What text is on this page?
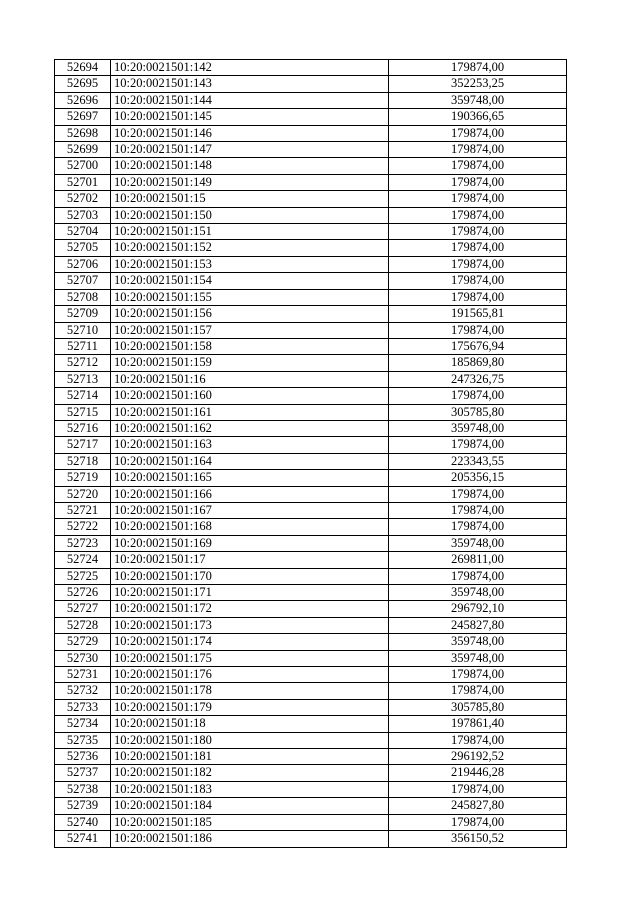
52694	10:20:0021501:142	179874,00
52695	10:20:0021501:143	352253,25
52696	10:20:0021501:144	359748,00
52697	10:20:0021501:145	190366,65
52698	10:20:0021501:146	179874,00
52699	10:20:0021501:147	179874,00
52700	10:20:0021501:148	179874,00
52701	10:20:0021501:149	179874,00
52702	10:20:0021501:15	179874,00
52703	10:20:0021501:150	179874,00
52704	10:20:0021501:151	179874,00
52705	10:20:0021501:152	179874,00
52706	10:20:0021501:153	179874,00
52707	10:20:0021501:154	179874,00
52708	10:20:0021501:155	179874,00
52709	10:20:0021501:156	191565,81
52710	10:20:0021501:157	179874,00
52711	10:20:0021501:158	175676,94
52712	10:20:0021501:159	185869,80
52713	10:20:0021501:16	247326,75
52714	10:20:0021501:160	179874,00
52715	10:20:0021501:161	305785,80
52716	10:20:0021501:162	359748,00
52717	10:20:0021501:163	179874,00
52718	10:20:0021501:164	223343,55
52719	10:20:0021501:165	205356,15
52720	10:20:0021501:166	179874,00
52721	10:20:0021501:167	179874,00
52722	10:20:0021501:168	179874,00
52723	10:20:0021501:169	359748,00
52724	10:20:0021501:17	269811,00
52725	10:20:0021501:170	179874,00
52726	10:20:0021501:171	359748,00
52727	10:20:0021501:172	296792,10
52728	10:20:0021501:173	245827,80
52729	10:20:0021501:174	359748,00
52730	10:20:0021501:175	359748,00
52731	10:20:0021501:176	179874,00
52732	10:20:0021501:178	179874,00
52733	10:20:0021501:179	305785,80
52734	10:20:0021501:18	197861,40
52735	10:20:0021501:180	179874,00
52736	10:20:0021501:181	296192,52
52737	10:20:0021501:182	219446,28
52738	10:20:0021501:183	179874,00
52739	10:20:0021501:184	245827,80
52740	10:20:0021501:185	179874,00
52741	10:20:0021501:186	356150,52
